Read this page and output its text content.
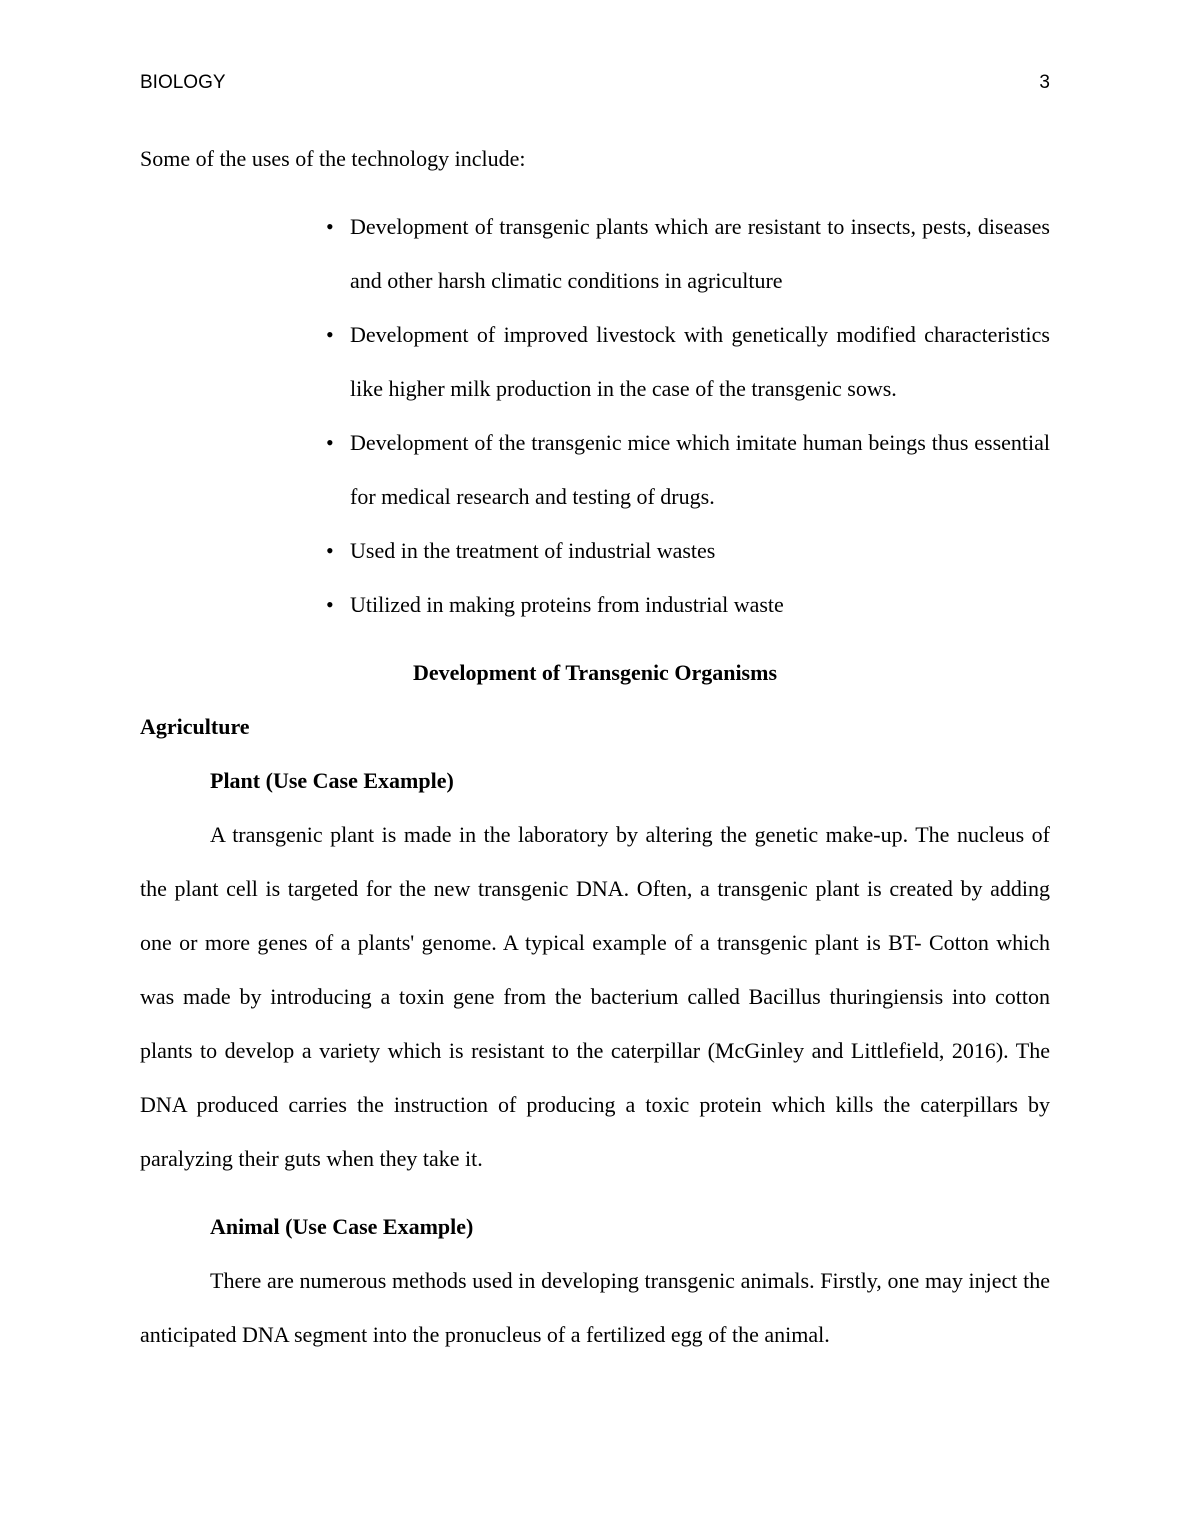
BIOLOGY	3

Some of the uses of the technology include:

• Development of transgenic plants which are resistant to insects, pests, diseases and other harsh climatic conditions in agriculture
• Development of improved livestock with genetically modified characteristics like higher milk production in the case of the transgenic sows.
• Development of the transgenic mice which imitate human beings thus essential for medical research and testing of drugs.
• Used in the treatment of industrial wastes
• Utilized in making proteins from industrial waste

Development of Transgenic Organisms

Agriculture

Plant (Use Case Example)

A transgenic plant is made in the laboratory by altering the genetic make-up. The nucleus of the plant cell is targeted for the new transgenic DNA. Often, a transgenic plant is created by adding one or more genes of a plants' genome. A typical example of a transgenic plant is BT- Cotton which was made by introducing a toxin gene from the bacterium called Bacillus thuringiensis into cotton plants to develop a variety which is resistant to the caterpillar (McGinley and Littlefield, 2016). The DNA produced carries the instruction of producing a toxic protein which kills the caterpillars by paralyzing their guts when they take it.

Animal (Use Case Example)

There are numerous methods used in developing transgenic animals. Firstly, one may inject the anticipated DNA segment into the pronucleus of a fertilized egg of the animal.
